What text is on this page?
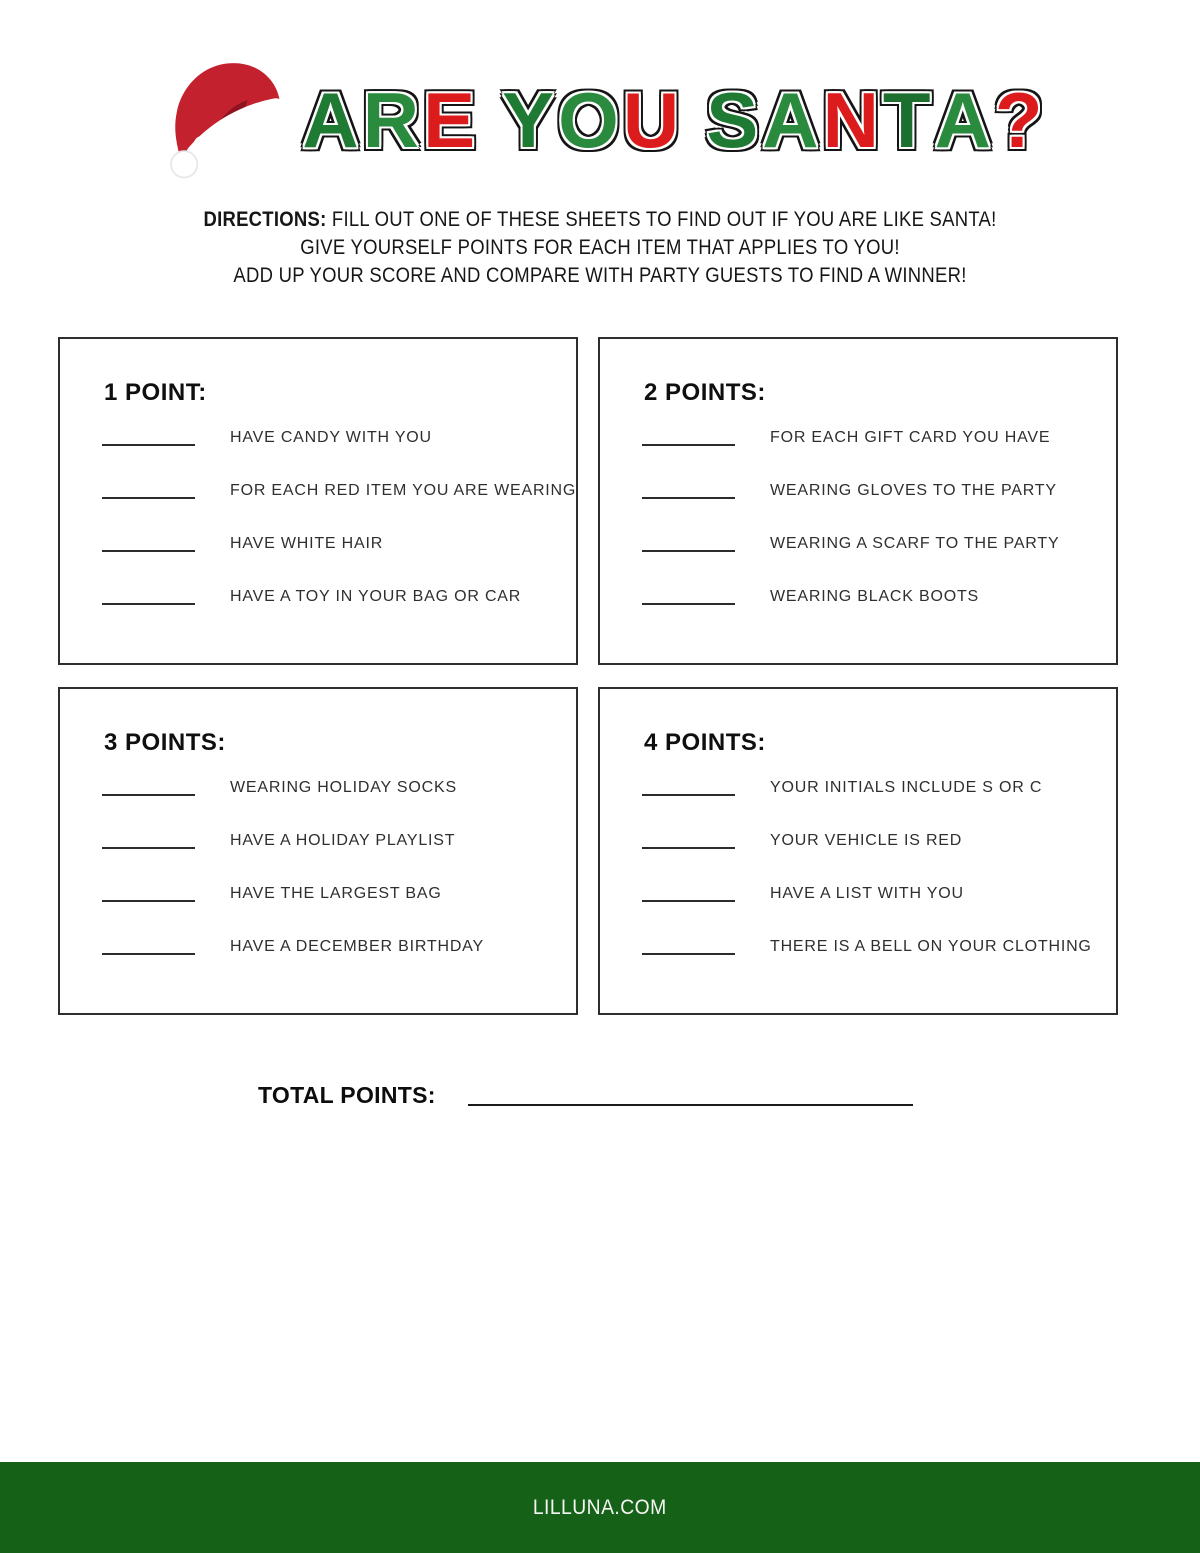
A R E Y O U S A N T A ?
DIRECTIONS: FILL OUT ONE OF THESE SHEETS TO FIND OUT IF YOU ARE LIKE SANTA!
GIVE YOURSELF POINTS FOR EACH ITEM THAT APPLIES TO YOU!
ADD UP YOUR SCORE AND COMPARE WITH PARTY GUESTS TO FIND A WINNER!
1 POINT:
HAVE CANDY WITH YOU
FOR EACH RED ITEM YOU ARE WEARING
HAVE WHITE HAIR
HAVE A TOY IN YOUR BAG OR CAR
2 POINTS:
FOR EACH GIFT CARD YOU HAVE
WEARING GLOVES TO THE PARTY
WEARING A SCARF TO THE PARTY
WEARING BLACK BOOTS
3 POINTS:
WEARING HOLIDAY SOCKS
HAVE A HOLIDAY PLAYLIST
HAVE THE LARGEST BAG
HAVE A DECEMBER BIRTHDAY
4 POINTS:
YOUR INITIALS INCLUDE S OR C
YOUR VEHICLE IS RED
HAVE A LIST WITH YOU
THERE IS A BELL ON YOUR CLOTHING
TOTAL POINTS:
LILLUNA.COM
